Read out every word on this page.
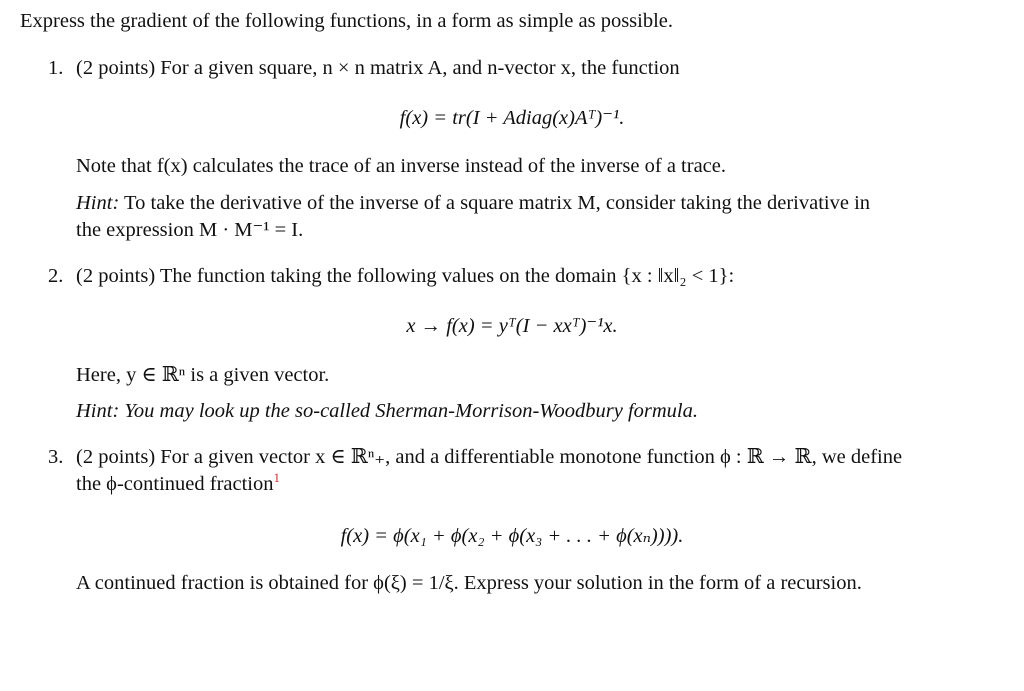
Express the gradient of the following functions, in a form as simple as possible.
1. (2 points) For a given square, n × n matrix A, and n-vector x, the function
f(x) = tr(I + Adiag(x)Aᵀ)⁻¹.
Note that f(x) calculates the trace of an inverse instead of the inverse of a trace.
Hint: To take the derivative of the inverse of a square matrix M, consider taking the derivative in
the expression M · M⁻¹ = I.
2. (2 points) The function taking the following values on the domain {x : ‖x‖₂ < 1}:
x → f(x) = yᵀ(I − xxᵀ)⁻¹x.
Here, y ∈ ℝⁿ is a given vector.
Hint: You may look up the so-called Sherman-Morrison-Woodbury formula.
3. (2 points) For a given vector x ∈ ℝⁿ₊, and a differentiable monotone function ϕ : ℝ → ℝ, we define
the ϕ-continued fraction$^1$
f(x) = ϕ(x₁ + ϕ(x₂ + ϕ(x₃ + . . . + ϕ(xₙ)))).
A continued fraction is obtained for ϕ(ξ) = 1/ξ. Express your solution in the form of a recursion.
